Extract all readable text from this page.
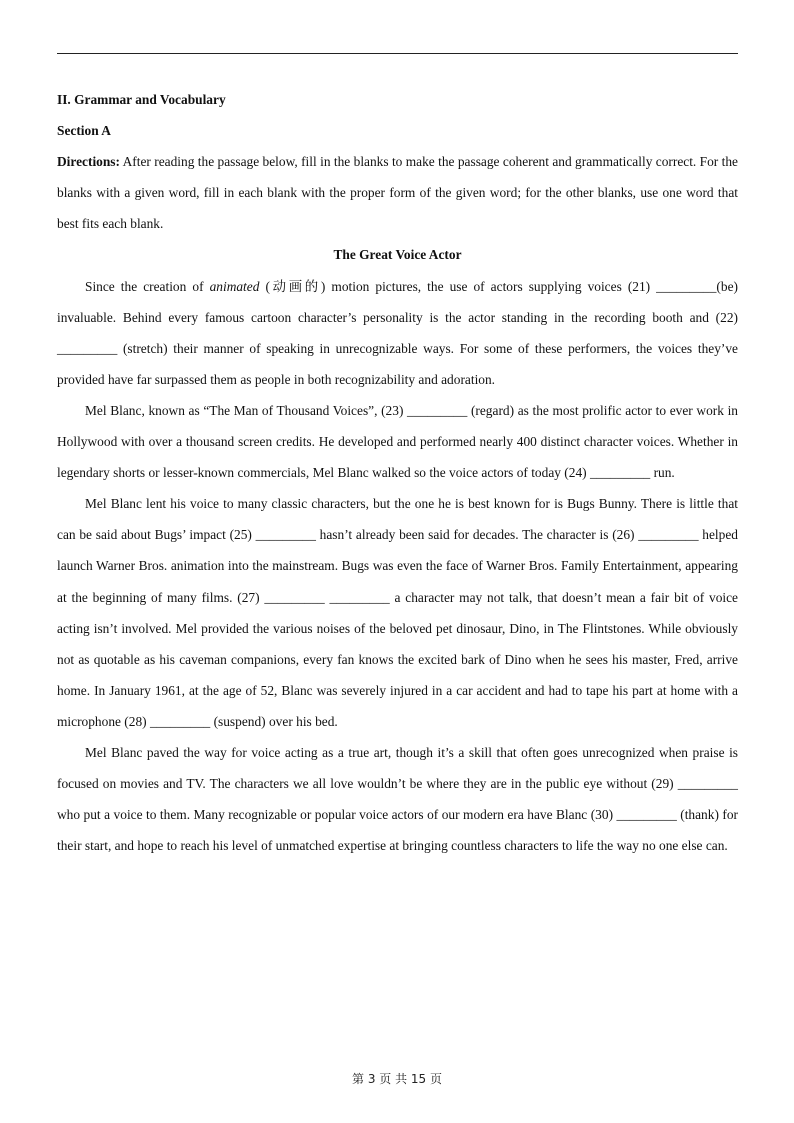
II. Grammar and Vocabulary

Section A

Directions: After reading the passage below, fill in the blanks to make the passage coherent and grammatically correct. For the blanks with a given word, fill in each blank with the proper form of the given word; for the other blanks, use one word that best fits each blank.

The Great Voice Actor

Since the creation of animated (动画的) motion pictures, the use of actors supplying voices (21) _________(be) invaluable. Behind every famous cartoon character’s personality is the actor standing in the recording booth and (22) _________ (stretch) their manner of speaking in unrecognizable ways. For some of these performers, the voices they’ve provided have far surpassed them as people in both recognizability and adoration.

Mel Blanc, known as “The Man of Thousand Voices”, (23) _________ (regard) as the most prolific actor to ever work in Hollywood with over a thousand screen credits. He developed and performed nearly 400 distinct character voices. Whether in legendary shorts or lesser-known commercials, Mel Blanc walked so the voice actors of today (24) _________ run.

Mel Blanc lent his voice to many classic characters, but the one he is best known for is Bugs Bunny. There is little that can be said about Bugs’ impact (25) _________ hasn’t already been said for decades. The character is (26) _________ helped launch Warner Bros. animation into the mainstream. Bugs was even the face of Warner Bros. Family Entertainment, appearing at the beginning of many films. (27) _________ _________ a character may not talk, that doesn’t mean a fair bit of voice acting isn’t involved. Mel provided the various noises of the beloved pet dinosaur, Dino, in The Flintstones. While obviously not as quotable as his caveman companions, every fan knows the excited bark of Dino when he sees his master, Fred, arrive home. In January 1961, at the age of 52, Blanc was severely injured in a car accident and had to tape his part at home with a microphone (28) _________ (suspend) over his bed.

Mel Blanc paved the way for voice acting as a true art, though it’s a skill that often goes unrecognized when praise is focused on movies and TV. The characters we all love wouldn’t be where they are in the public eye without (29) _________ who put a voice to them. Many recognizable or popular voice actors of our modern era have Blanc (30) _________ (thank) for their start, and hope to reach his level of unmatched expertise at bringing countless characters to life the way no one else can.

第 3 页 共 15 页
